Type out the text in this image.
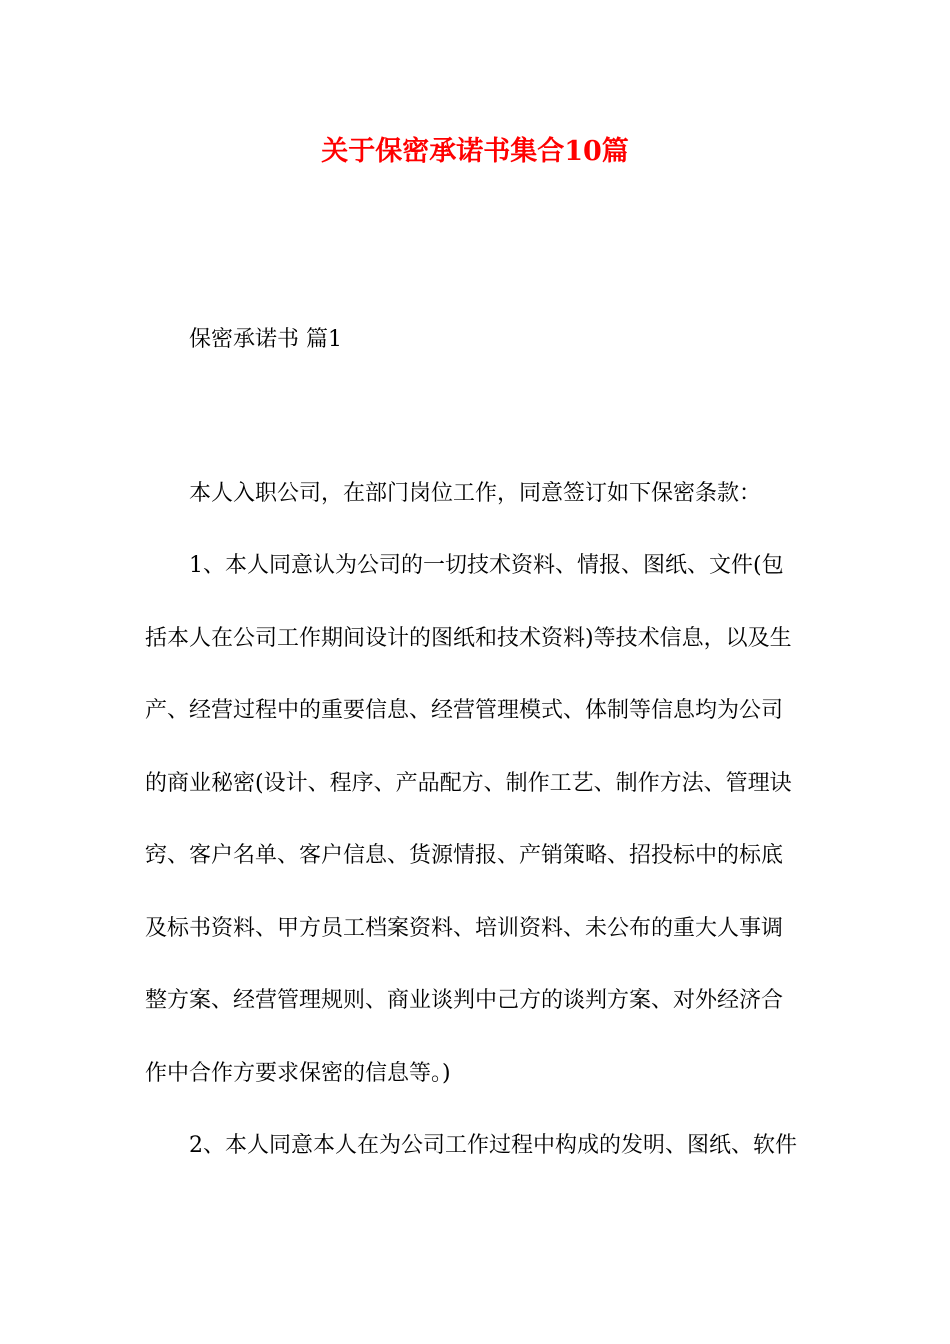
关于保密承诺书集合10篇

保密承诺书 篇1

本人入职公司，在部门岗位工作，同意签订如下保密条款：

1、本人同意认为公司的一切技术资料、情报、图纸、文件(包

括本人在公司工作期间设计的图纸和技术资料)等技术信息，以及生

产、经营过程中的重要信息、经营管理模式、体制等信息均为公司

的商业秘密(设计、程序、产品配方、制作工艺、制作方法、管理诀

窍、客户名单、客户信息、货源情报、产销策略、招投标中的标底

及标书资料、甲方员工档案资料、培训资料、未公布的重大人事调

整方案、经营管理规则、商业谈判中己方的谈判方案、对外经济合

作中合作方要求保密的信息等。)

2、本人同意本人在为公司工作过程中构成的发明、图纸、软件
